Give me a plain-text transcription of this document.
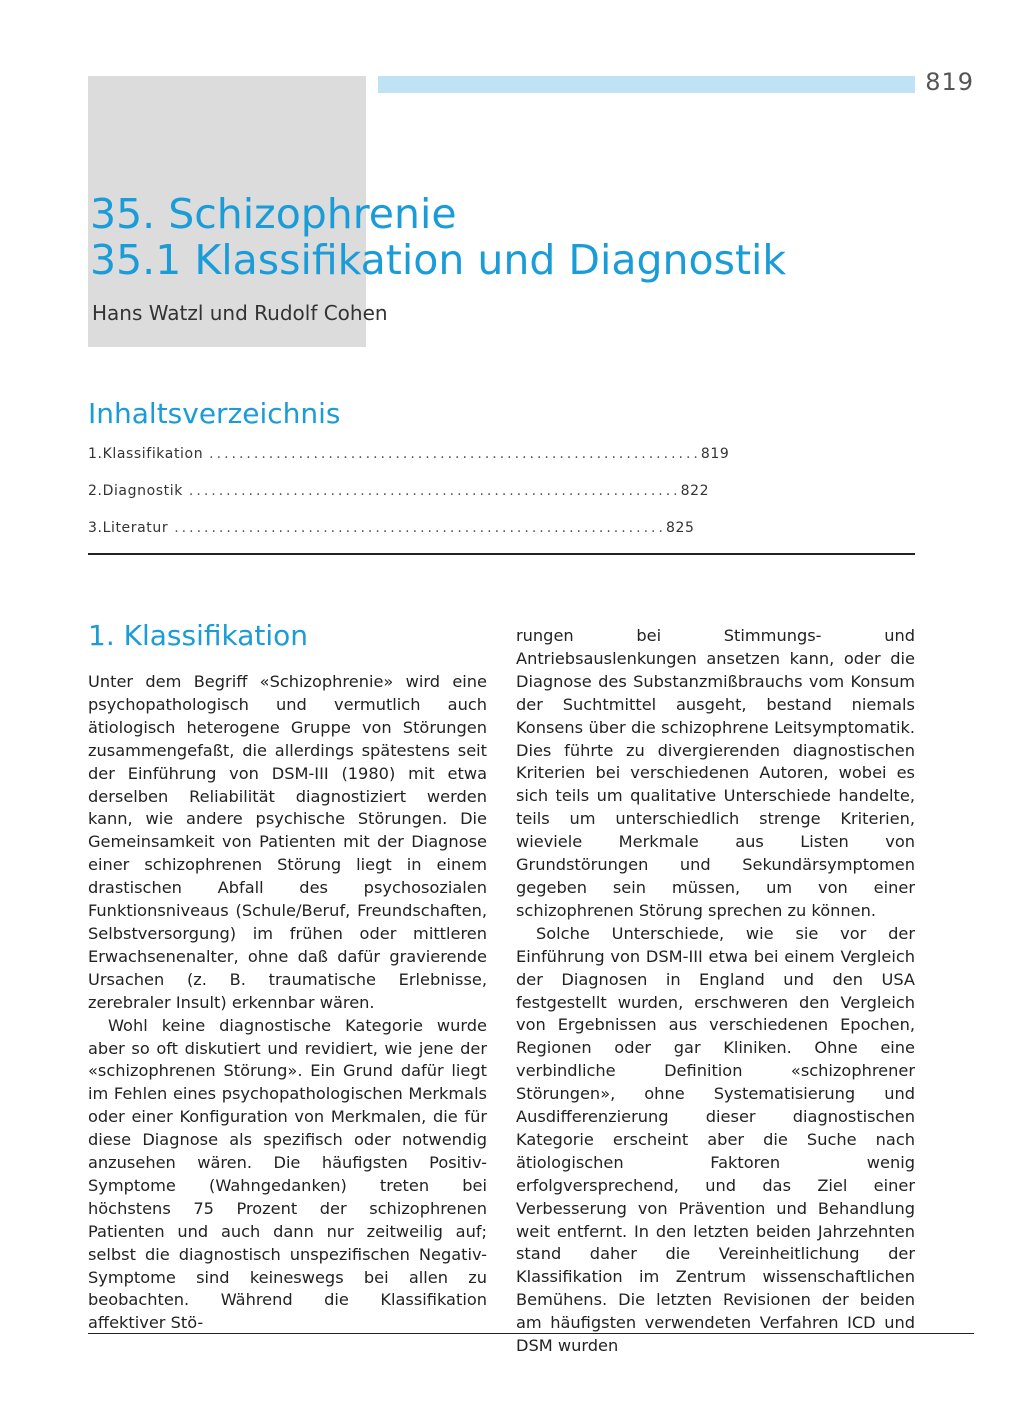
819
35. Schizophrenie
35.1 Klassifikation und Diagnostik
Hans Watzl und Rudolf Cohen
Inhaltsverzeichnis
1. Klassifikation .................................................................. 819
2. Diagnostik .................................................................. 822
3. Literatur .................................................................. 825
1. Klassifikation

Unter dem Begriff «Schizophrenie» wird eine psychopathologisch und vermutlich auch ätiologisch heterogene Gruppe von Störungen zusammengefaßt, die allerdings spätestens seit der Einführung von DSM-III (1980) mit etwa derselben Reliabilität diagnostiziert werden kann, wie andere psychische Störungen. Die Gemeinsamkeit von Patienten mit der Diagnose einer schizophrenen Störung liegt in einem drastischen Abfall des psychosozialen Funktionsniveaus (Schule/Beruf, Freundschaften, Selbstversorgung) im frühen oder mittleren Erwachsenenalter, ohne daß dafür gravierende Ursachen (z. B. traumatische Erlebnisse, zerebraler Insult) erkennbar wären.

Wohl keine diagnostische Kategorie wurde aber so oft diskutiert und revidiert, wie jene der «schizophrenen Störung». Ein Grund dafür liegt im Fehlen eines psychopathologischen Merkmals oder einer Konfiguration von Merkmalen, die für diese Diagnose als spezifisch oder notwendig anzusehen wären. Die häufigsten Positiv-Symptome (Wahngedanken) treten bei höchstens 75 Prozent der schizophrenen Patienten und auch dann nur zeitweilig auf; selbst die diagnostisch unspezifischen Negativ-Symptome sind keineswegs bei allen zu beobachten. Während die Klassifikation affektiver Stö-

rungen bei Stimmungs- und Antriebsauslenkungen ansetzen kann, oder die Diagnose des Substanzmißbrauchs vom Konsum der Suchtmittel ausgeht, bestand niemals Konsens über die schizophrene Leitsymptomatik. Dies führte zu divergierenden diagnostischen Kriterien bei verschiedenen Autoren, wobei es sich teils um qualitative Unterschiede handelte, teils um unterschiedlich strenge Kriterien, wieviele Merkmale aus Listen von Grundstörungen und Sekundärsymptomen gegeben sein müssen, um von einer schizophrenen Störung sprechen zu können.

Solche Unterschiede, wie sie vor der Einführung von DSM-III etwa bei einem Vergleich der Diagnosen in England und den USA festgestellt wurden, erschweren den Vergleich von Ergebnissen aus verschiedenen Epochen, Regionen oder gar Kliniken. Ohne eine verbindliche Definition «schizophrener Störungen», ohne Systematisierung und Ausdifferenzierung dieser diagnostischen Kategorie erscheint aber die Suche nach ätiologischen Faktoren wenig erfolgversprechend, und das Ziel einer Verbesserung von Prävention und Behandlung weit entfernt. In den letzten beiden Jahrzehnten stand daher die Vereinheitlichung der Klassifikation im Zentrum wissenschaftlichen Bemühens. Die letzten Revisionen der beiden am häufigsten verwendeten Verfahren ICD und DSM wurden
